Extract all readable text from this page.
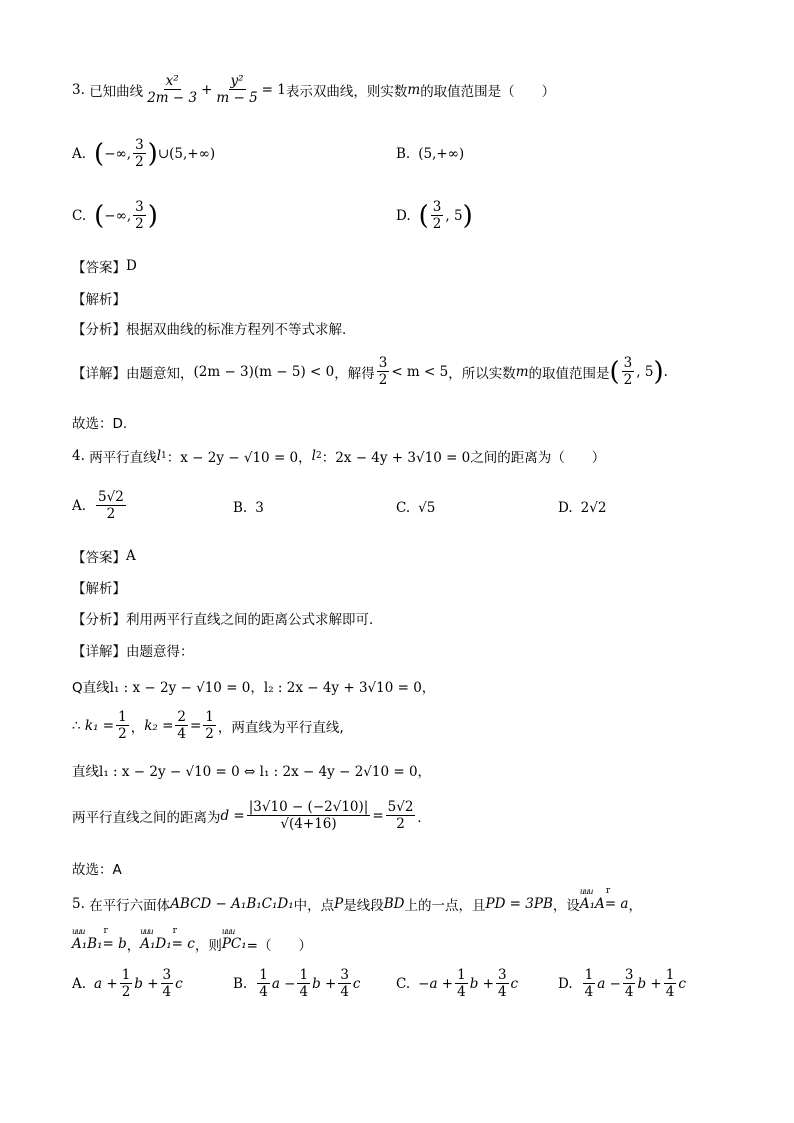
3.
已知曲线 $\frac{\text{x²}}{2m - 3} + \frac{\text{y²}}{m - 5} = 1$ 表示双曲线，则实数 m 的取值范围是（　　）
A. ( −∞, $\frac{3}{2}$ ) ∪(5,+∞)	B. (5,+∞)
C. ( −∞, $\frac{3}{2}$ )	D. ( $\frac{3}{2}$ , 5 )
【答案】 D
【解析】
【分析】 根据双曲线的标准方程列不等式求解.
【详解】 由题意知， (2m − 3)(m − 5) < 0 ，解得 $\frac{3}{2} < m < 5$ ，所以实数 m 的取值范围是 ( $\frac{3}{2}$ , 5 ) .
故选：D.
4.
两平行直线 l 1 ：x − 2y − √10 = 0， l 2 ：2x − 4y + 3√10 = 0 之间的距离为（　　）
A. $\frac{5√2}{2}$	B. 3	C. √5	D. 2√2
【答案】 A
【解析】
【分析】 利用两平行直线之间的距离公式求解即可．
【详解】 由题意得：
Q直线 l₁ : x − 2y − √10 = 0，l₂ : 2x − 4y + 3√10 = 0，
∴
$k_1 = \frac{1}{2}$ ， $k_2 = \frac{2}{4} = \frac{1}{2}$ ，两直线为平行直线,
直线 l₁ : x − 2y − √10 = 0 ⇔ l₁ : 2x − 4y − 2√10 = 0，
两平行直线之间的距离为 $d = \frac{|3√10 - (-2√10)|}{√(4+16)} = \frac{5√2}{2}$ ．
故选：A
5.
在平行六面体 ABCD − A₁B₁C₁D₁ 中，点 P 是线段 BD 上的一点，且 PD = 3PB ，设 uuu A₁A r = a ，
uuu A₁B₁ r = b ， uuu A₁D₁ r = c ，则 uuu PC₁ =（　　）
A. $a + \frac{1}{2}$ $b + \frac{3}{4}$ c	B. $\frac{1}{4}$ $a - \frac{1}{4}$ $b + \frac{3}{4}$ c	C. $-a + \frac{1}{4}$ $b + \frac{3}{4}$ c	D. $\frac{1}{4}$ $a - \frac{3}{4}$ $b + \frac{1}{4}$ c
